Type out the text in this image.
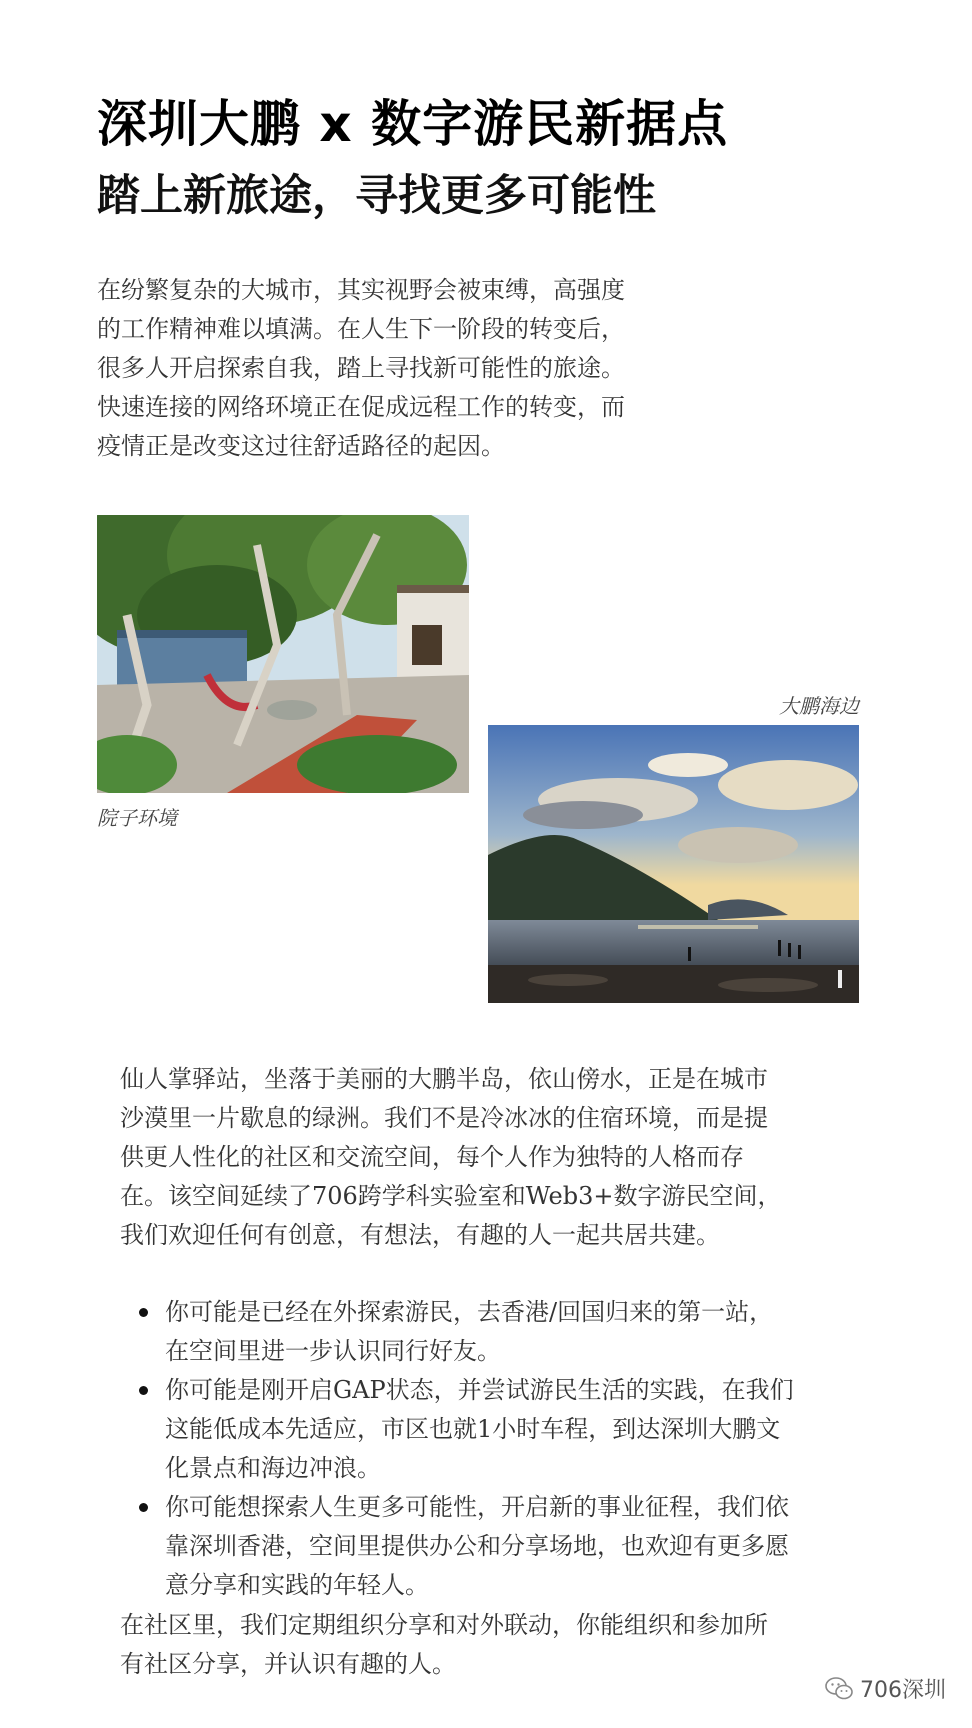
深圳大鹏 x 数字游民新据点
踏上新旅途，寻找更多可能性
在纷繁复杂的大城市，其实视野会被束缚，高强度
的工作精神难以填满。在人生下一阶段的转变后，
很多人开启探索自我，踏上寻找新可能性的旅途。
快速连接的网络环境正在促成远程工作的转变，而
疫情正是改变这过往舒适路径的起因。
院子环境
大鹏海边
仙人掌驿站，坐落于美丽的大鹏半岛，依山傍水，正是在城市
沙漠里一片歇息的绿洲。我们不是冷冰冰的住宿环境，而是提
供更人性化的社区和交流空间，每个人作为独特的人格而存
在。该空间延续了706跨学科实验室和Web3+数字游民空间，
我们欢迎任何有创意，有想法，有趣的人一起共居共建。
你可能是已经在外探索游民，去香港/回国归来的第一站，
在空间里进一步认识同行好友。
你可能是刚开启GAP状态，并尝试游民生活的实践，在我们
这能低成本先适应，市区也就1小时车程，到达深圳大鹏文
化景点和海边冲浪。
你可能想探索人生更多可能性，开启新的事业征程，我们依
靠深圳香港，空间里提供办公和分享场地，也欢迎有更多愿
意分享和实践的年轻人。
在社区里，我们定期组织分享和对外联动，你能组织和参加所
有社区分享，并认识有趣的人。
706深圳
